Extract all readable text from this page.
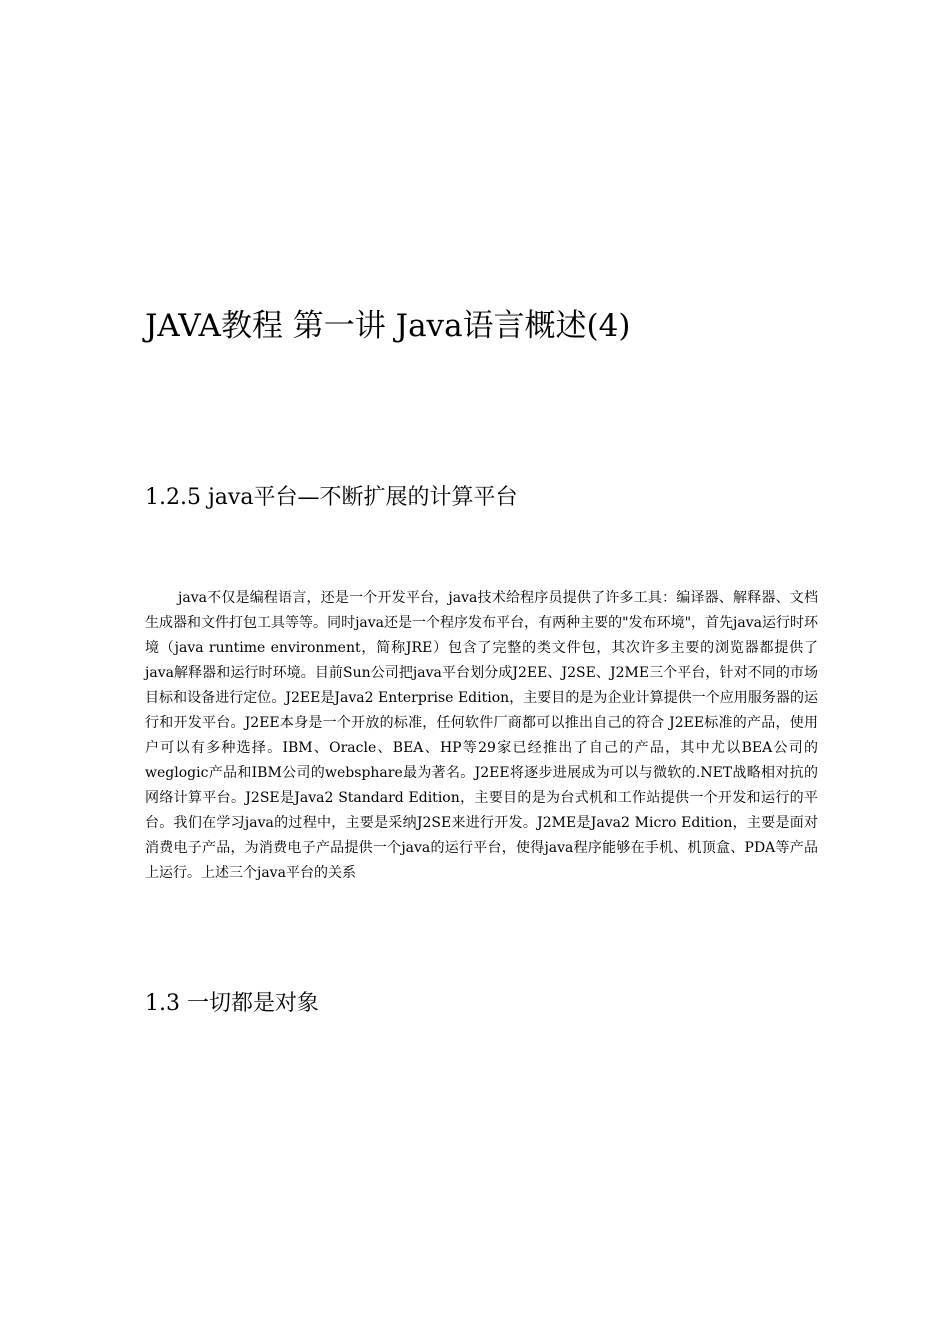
JAVA教程 第一讲 Java语言概述(4)
1.2.5 java平台—不断扩展的计算平台

java不仅是编程语言，还是一个开发平台，java技术给程序员提供了许多工具：编译器、解释器、文档生成器和文件打包工具等等。同时java还是一个程序发布平台，有两种主要的"发布环境"，首先java运行时环境（java runtime environment，简称JRE）包含了完整的类文件包，其次许多主要的浏览器都提供了 java解释器和运行时环境。目前Sun公司把java平台划分成J2EE、J2SE、J2ME三个平台，针对不同的市场目标和设备进行定位。J2EE是Java2 Enterprise Edition，主要目的是为企业计算提供一个应用服务器的运行和开发平台。J2EE本身是一个开放的标准，任何软件厂商都可以推出自己的符合 J2EE标准的产品，使用户可以有多种选择。IBM、Oracle、BEA、HP等29家已经推出了自己的产品，其中尤以BEA公司的weglogic产品和IBM公司的websphare最为著名。J2EE将逐步进展成为可以与微软的.NET战略相对抗的网络计算平台。J2SE是Java2 Standard Edition，主要目的是为台式机和工作站提供一个开发和运行的平台。我们在学习java的过程中，主要是采纳J2SE来进行开发。J2ME是Java2 Micro Edition，主要是面对消费电子产品，为消费电子产品提供一个java的运行平台，使得java程序能够在手机、机顶盒、PDA等产品上运行。上述三个java平台的关系

1.3 一切都是对象
